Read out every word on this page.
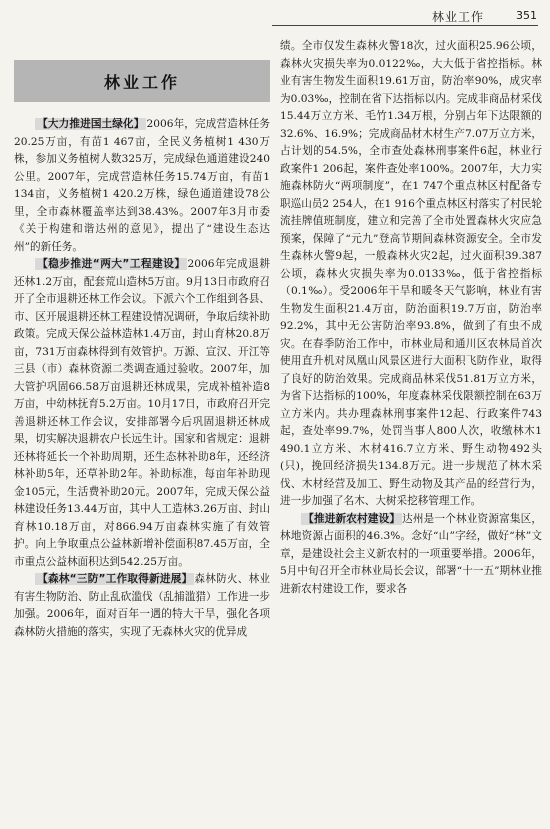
林业工作	351
林业工作

【大力推进国土绿化】 2006年，完成营造林任务20.25万亩，有苗1 467亩，全民义务植树1 430万株，参加义务植树人数325万，完成绿色通道建设240公里。2007年，完成营造林任务15.74万亩，有苗1 134亩，义务植树1 420.2万株，绿色通道建设78公里，全市森林覆盖率达到38.43%。2007年3月市委《关于构建和谐达州的意见》，提出了“建设生态达州”的新任务。

【稳步推进“两大”工程建设】 2006年完成退耕还林1.2万亩，配套荒山造林5万亩。9月13日市政府召开了全市退耕还林工作会议。下派六个工作组到各县、市、区开展退耕还林工程建设情况调研，争取后续补助政策。完成天保公益林造林1.4万亩，封山育林20.8万亩，731万亩森林得到有效管护。万源、宣汉、开江等三县（市）森林资源二类调查通过验收。2007年，加大管护巩固66.58万亩退耕还林成果，完成补植补造8万亩，中幼林抚育5.2万亩。10月17日，市政府召开完善退耕还林工作会议，安排部署今后巩固退耕还林成果，切实解决退耕农户长远生计。国家和省规定：退耕还林将延长一个补助周期，还生态林补助8年，还经济林补助5年，还草补助2年。补助标准，每亩年补助现金105元，生活费补助20元。2007年，完成天保公益林建设任务13.44万亩，其中人工造林3.26万亩、封山育林10.18万亩，对866.94万亩森林实施了有效管护。向上争取重点公益林新增补偿面积87.45万亩，全市重点公益林面积达到542.25万亩。

【森林“三防”工作取得新进展】 森林防火、林业有害生物防治、防止乱砍滥伐（乱捕滥猎）工作进一步加强。2006年，面对百年一遇的特大干旱，强化各项森林防火措施的落实，实现了无森林火灾的优异成

绩。全市仅发生森林火警18次，过火面积25.96公顷，森林火灾损失率为0.0122‰，大大低于省控指标。林业有害生物发生面积19.61万亩，防治率90%，成灾率为0.03‰，控制在省下达指标以内。完成非商品材采伐15.44万立方米、毛竹1.34万根，分别占年下达限额的32.6%、16.9%；完成商品材木材生产7.07万立方米，占计划的54.5%，全市查处森林刑事案件6起，林业行政案件1 206起，案件查处率100%。2007年，大力实施森林防火“两项制度”，在1 747个重点林区村配备专职巡山员2 254人，在1 916个重点林区村落实了村民轮流挂牌值班制度，建立和完善了全市处置森林火灾应急预案，保障了“元九”登高节期间森林资源安全。全市发生森林火警9起，一般森林火灾2起，过火面积39.387公顷，森林火灾损失率为0.0133‰，低于省控指标（0.1‰）。受2006年干旱和暖冬天气影响，林业有害生物发生面积21.4万亩，防治面积19.7万亩，防治率92.2%，其中无公害防治率93.8%，做到了有虫不成灾。在春季防治工作中，市林业局和通川区农林局首次使用直升机对凤凰山风景区进行大面积飞防作业，取得了良好的防治效果。完成商品林采伐51.81万立方米，为省下达指标的100%，年度森林采伐限额控制在63万立方米内。共办理森林刑事案件12起、行政案件743起，查处率99.7%，处罚当事人800人次，收缴林木1 490.1立方米、木材416.7立方米、野生动物492头(只)，挽回经济损失134.8万元。进一步规范了林木采伐、木材经营及加工、野生动物及其产品的经营行为，进一步加强了名木、大树采挖移管理工作。

【推进新农村建设】 达州是一个林业资源富集区，林地资源占面积的46.3%。念好“山”字经，做好“林”文章，是建设社会主义新农村的一项重要举措。2006年，5月中旬召开全市林业局长会议，部署“十一五”期林业推进新农村建设工作，要求各
